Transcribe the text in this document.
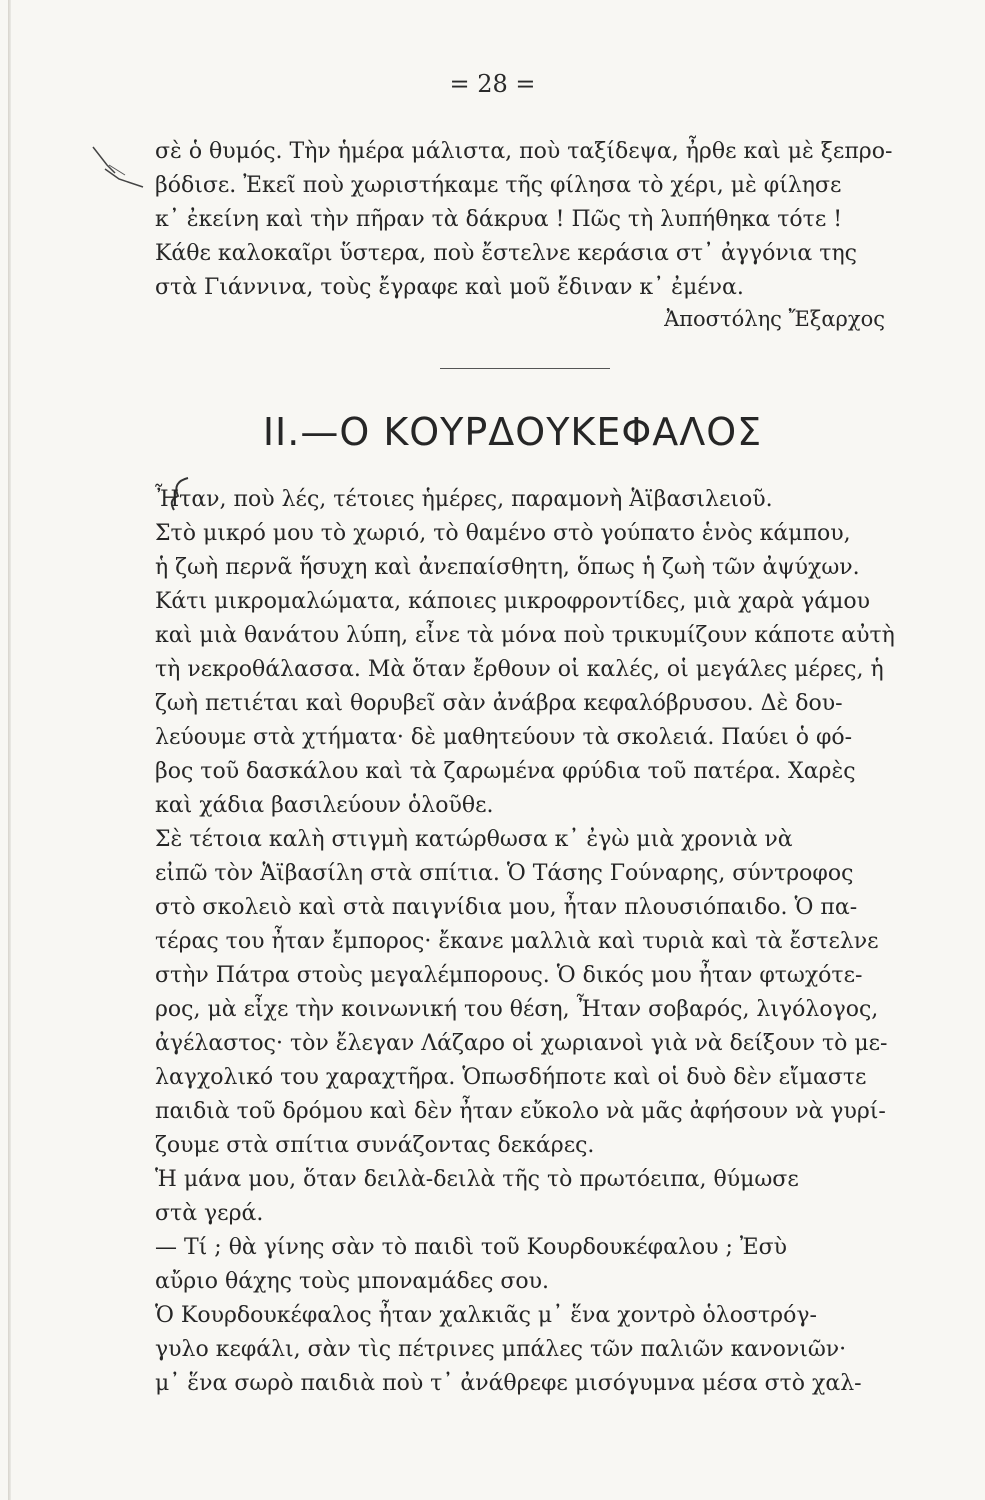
= 28 =
σὲ ὁ θυμός. Τὴν ἡμέρα μάλιστα, ποὺ ταξίδεψα, ἦρθε καὶ μὲ ξεπρο-
βόδισε. Ἐκεῖ ποὺ χωριστήκαμε τῆς φίλησα τὸ χέρι, μὲ φίλησε
κ᾽ ἐκείνη καὶ τὴν πῆραν τὰ δάκρυα ! Πῶς τὴ λυπήθηκα τότε !
Κάθε καλοκαῖρι ὕστερα, ποὺ ἔστελνε κεράσια στ᾽ ἀγγόνια της
στὰ Γιάννινα, τοὺς ἔγραφε καὶ μοῦ ἔδιναν κ᾽ ἐμένα.
Ἀποστόλης Ἔξαρχος
II.—Ο ΚΟΥΡΔΟΥΚΕΦΑΛΟΣ
Ἦταν, ποὺ λές, τέτοιες ἡμέρες, παραμονὴ Ἁϊβασιλειοῦ.
Στὸ μικρό μου τὸ χωριό, τὸ θαμένο στὸ γούπατο ἑνὸς κάμπου,
ἡ ζωὴ περνᾶ ἥσυχη καὶ ἀνεπαίσθητη, ὅπως ἡ ζωὴ τῶν ἀψύχων.
Κάτι μικρομαλώματα, κάποιες μικροφροντίδες, μιὰ χαρὰ γάμου
καὶ μιὰ θανάτου λύπη, εἶνε τὰ μόνα ποὺ τρικυμίζουν κάποτε αὐτὴ
τὴ νεκροθάλασσα. Μὰ ὅταν ἔρθουν οἱ καλές, οἱ μεγάλες μέρες, ἡ
ζωὴ πετιέται καὶ θορυβεῖ σὰν ἀνάβρα κεφαλόβρυσου. Δὲ δου-
λεύουμε στὰ χτήματα· δὲ μαθητεύουν τὰ σκολειά. Παύει ὁ φό-
βος τοῦ δασκάλου καὶ τὰ ζαρωμένα φρύδια τοῦ πατέρα. Χαρὲς
καὶ χάδια βασιλεύουν ὁλοῦθε.
Σὲ τέτοια καλὴ στιγμὴ κατώρθωσα κ᾽ ἐγὼ μιὰ χρονιὰ νὰ
εἰπῶ τὸν Ἁϊβασίλη στὰ σπίτια. Ὁ Τάσης Γούναρης, σύντροφος
στὸ σκολειὸ καὶ στὰ παιγνίδια μου, ἦταν πλουσιόπαιδο. Ὁ πα-
τέρας του ἦταν ἔμπορος· ἔκανε μαλλιὰ καὶ τυριὰ καὶ τὰ ἔστελνε
στὴν Πάτρα στοὺς μεγαλέμπορους. Ὁ δικός μου ἦταν φτωχότε-
ρος, μὰ εἶχε τὴν κοινωνική του θέση, Ἦταν σοβαρός, λιγόλογος,
ἀγέλαστος· τὸν ἔλεγαν Λάζαρο οἱ χωριανοὶ γιὰ νὰ δείξουν τὸ με-
λαγχολικό του χαραχτῆρα. Ὁπωσδήποτε καὶ οἱ δυὸ δὲν εἴμαστε
παιδιὰ τοῦ δρόμου καὶ δὲν ἦταν εὔκολο νὰ μᾶς ἀφήσουν νὰ γυρί-
ζουμε στὰ σπίτια συνάζοντας δεκάρες.
Ἡ μάνα μου, ὅταν δειλὰ-δειλὰ τῆς τὸ πρωτόειπα, θύμωσε
στὰ γερά.
— Τί ; θὰ γίνης σὰν τὸ παιδὶ τοῦ Κουρδουκέφαλου ; Ἐσὺ
αὔριο θάχης τοὺς μποναμάδες σου.
Ὁ Κουρδουκέφαλος ἦταν χαλκιᾶς μ᾽ ἕνα χοντρὸ ὁλοστρόγ-
γυλο κεφάλι, σὰν τὶς πέτρινες μπάλες τῶν παλιῶν κανονιῶν·
μ᾽ ἕνα σωρὸ παιδιὰ ποὺ τ᾽ ἀνάθρεφε μισόγυμνα μέσα στὸ χαλ-
